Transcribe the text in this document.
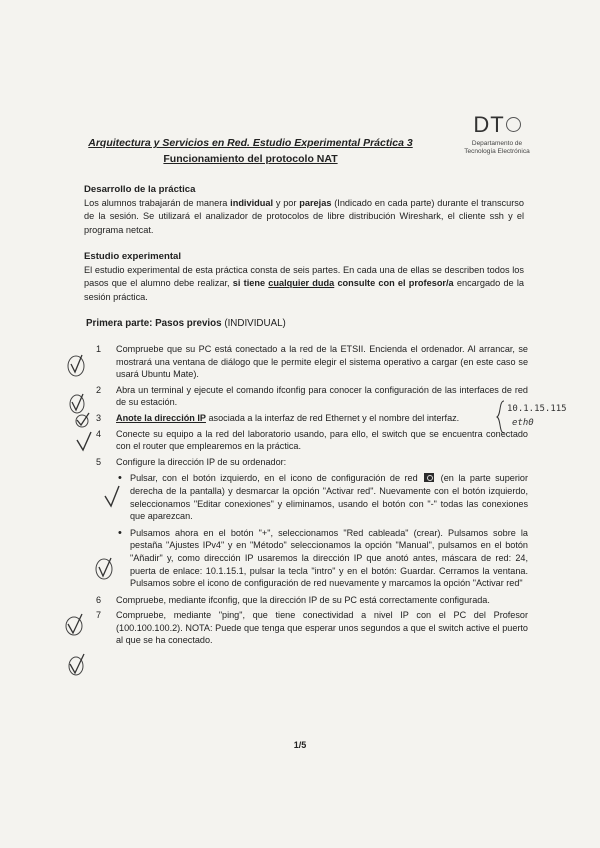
Arquitectura y Servicios en Red. Estudio Experimental Práctica 3
Funcionamiento del protocolo NAT
DT
Departamento de
Tecnología Electrónica
Desarrollo de la práctica

Los alumnos trabajarán de manera individual y por parejas (Indicado en cada parte) durante el transcurso de la sesión. Se utilizará el analizador de protocolos de libre distribución Wireshark, el cliente ssh y el programa netcat.

Estudio experimental

El estudio experimental de esta práctica consta de seis partes. En cada una de ellas se describen todos los pasos que el alumno debe realizar, si tiene cualquier duda consulte con el profesor/a encargado de la sesión práctica.

Primera parte: Pasos previos (INDIVIDUAL)
1 Compruebe que su PC está conectado a la red de la ETSII. Encienda el ordenador. Al arrancar, se mostrará una ventana de diálogo que le permite elegir el sistema operativo a cargar (en este caso se usará Ubuntu Mate).
2 Abra un terminal y ejecute el comando ifconfig para conocer la configuración de las interfaces de red de su estación.
3 Anote la dirección IP asociada a la interfaz de red Ethernet y el nombre del interfaz.
4 Conecte su equipo a la red del laboratorio usando, para ello, el switch que se encuentra conectado con el router que emplearemos en la práctica.
5 Configure la dirección IP de su ordenador:
• Pulsar, con el botón izquierdo, en el icono de configuración de red  (en la parte superior derecha de la pantalla) y desmarcar la opción "Activar red". Nuevamente con el botón izquierdo, seleccionamos "Editar conexiones" y eliminamos, usando el botón con "-" todas las conexiones que aparezcan.
• Pulsamos ahora en el botón "+", seleccionamos "Red cableada" (crear). Pulsamos sobre la pestaña "Ajustes IPv4" y en "Método" seleccionamos la opción "Manual", pulsamos en el botón "Añadir" y, como dirección IP usaremos la dirección IP que anotó antes, máscara de red: 24, puerta de enlace: 10.1.15.1, pulsar la tecla "intro" y en el botón: Guardar. Cerramos la ventana. Pulsamos sobre el icono de configuración de red nuevamente y marcamos la opción "Activar red"
6 Compruebe, mediante ifconfig, que la dirección IP de su PC está correctamente configurada.
7 Compruebe, mediante "ping", que tiene conectividad a nivel IP con el PC del Profesor (100.100.100.2). NOTA: Puede que tenga que esperar unos segundos a que el switch active el puerto al que se ha conectado.
10.1.15.115
eth0
1/5
